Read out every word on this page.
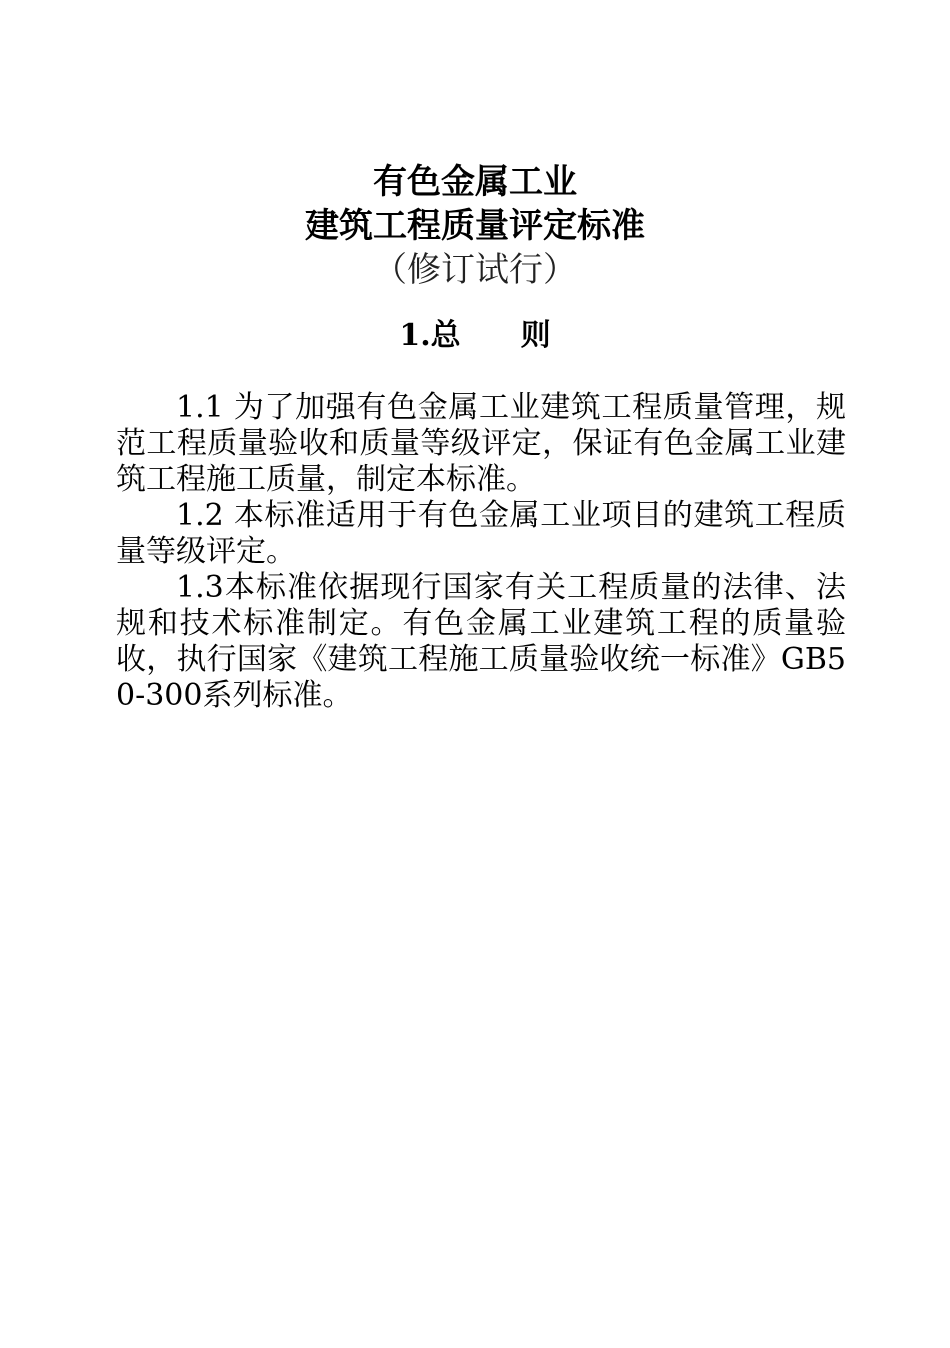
有色金属工业
建筑工程质量评定标准
（修订试行）
1.总 则

1.1 为了加强有色金属工业建筑工程质量管理，规范工程质量验收和质量等级评定，保证有色金属工业建筑工程施工质量，制定本标准。

1.2 本标准适用于有色金属工业项目的建筑工程质量等级评定。

1.3本标准依据现行国家有关工程质量的法律、法规和技术标准制定。有色金属工业建筑工程的质量验收，执行国家《建筑工程施工质量验收统一标准》GB50-300系列标准。
